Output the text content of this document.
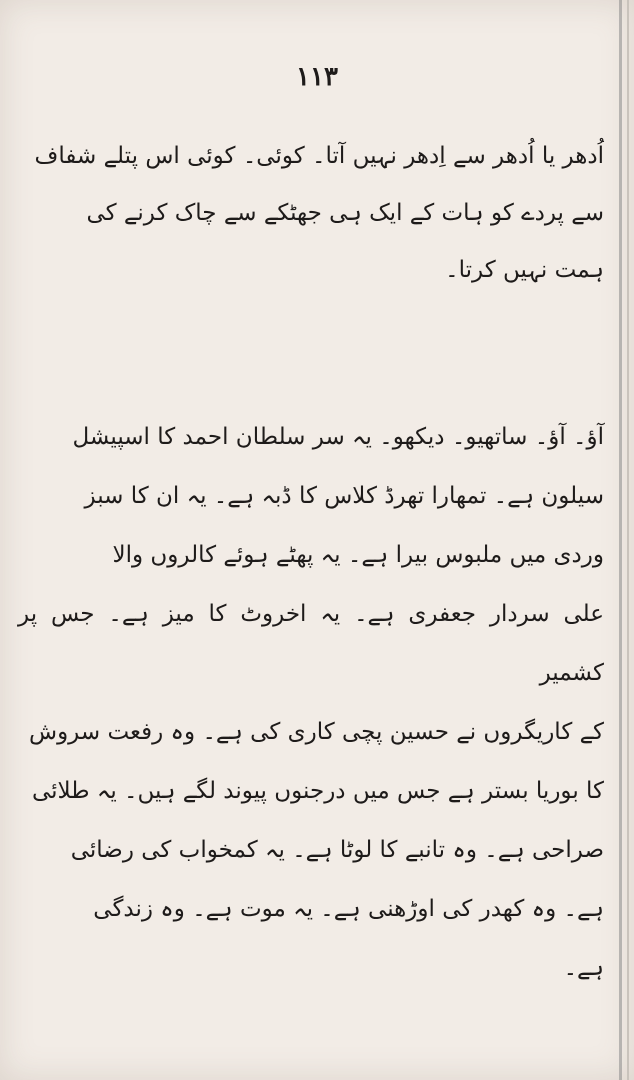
۱۱۳

اُدھر یا اُدھر سے اِدھر نہیں آتا۔ کوئی۔ کوئی اس پتلے شفاف
سے پردے کو ہات کے ایک ہی جھٹکے سے چاک کرنے کی
ہمت نہیں کرتا۔

آؤ۔ آؤ۔ ساتھیو۔ دیکھو۔ یہ سر سلطان احمد کا اسپیشل
سیلون ہے۔ تمھارا تھرڈ کلاس کا ڈبہ ہے۔ یہ ان کا سبز
وردی میں ملبوس بیرا ہے۔ یہ پھٹے ہوئے کالروں والا
علی سردار جعفری ہے۔ یہ اخروٹ کا میز ہے۔ جس پر کشمیر
کے کاریگروں نے حسین پچی کاری کی ہے۔ وہ رفعت سروش
کا بوریا بستر ہے جس میں درجنوں پیوند لگے ہیں۔ یہ طلائی
صراحی ہے۔ وہ تانبے کا لوٹا ہے۔ یہ کمخواب کی رضائی
ہے۔ وہ کھدر کی اوڑھنی ہے۔ یہ موت ہے۔ وہ زندگی
ہے۔
